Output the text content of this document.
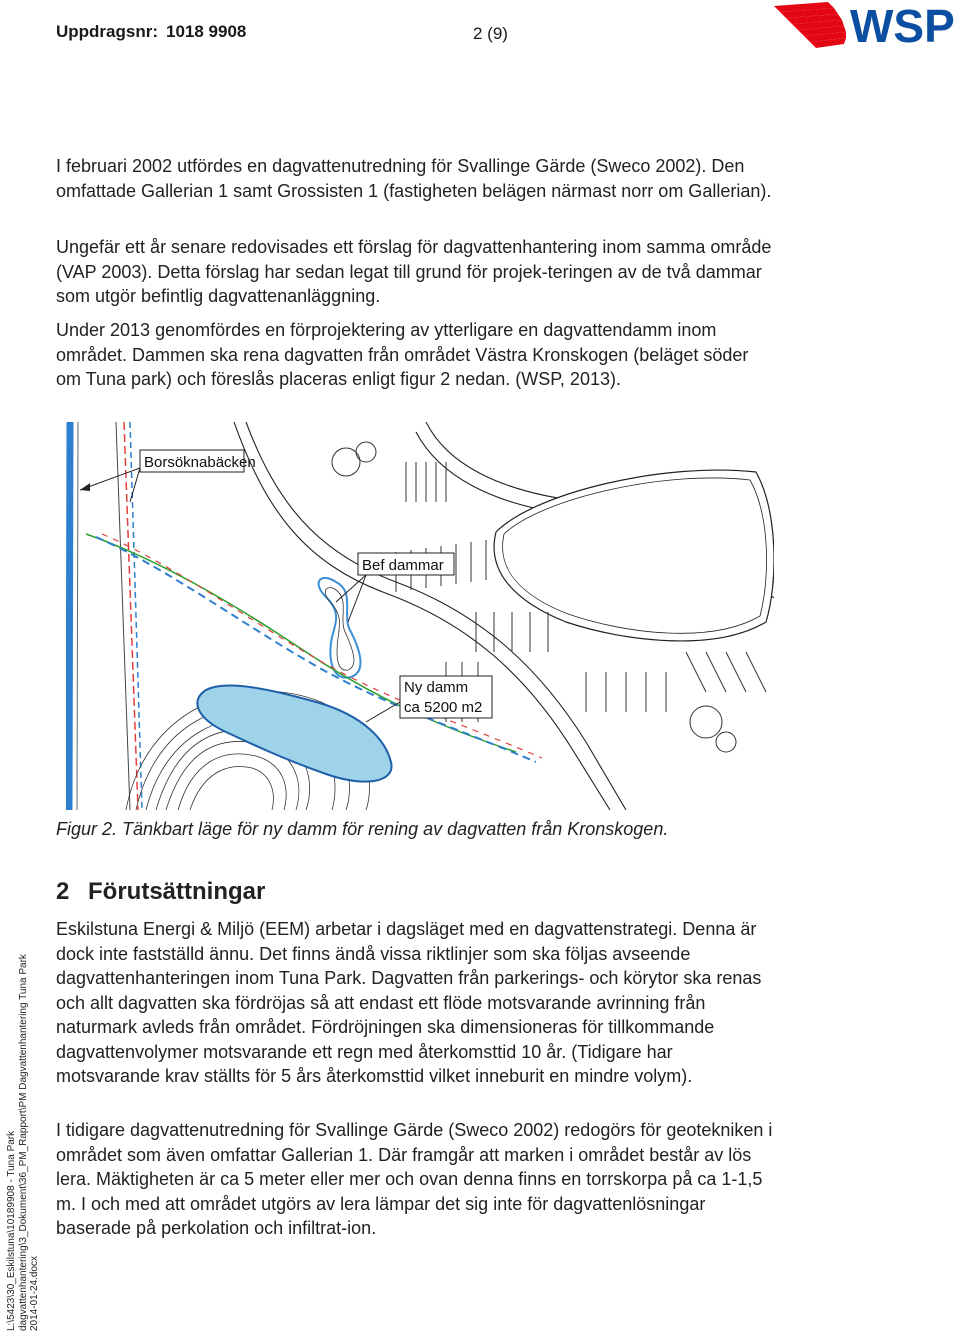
Uppdragsnr: 1018 9908	2 (9)	WSP

I februari 2002 utfördes en dagvattenutredning för Svallinge Gärde (Sweco 2002). Den omfattade Gallerian 1 samt Grossisten 1 (fastigheten belägen närmast norr om Gallerian).

Ungefär ett år senare redovisades ett förslag för dagvattenhantering inom samma område (VAP 2003). Detta förslag har sedan legat till grund för projek-teringen av de två dammar som utgör befintlig dagvattenanläggning.

Under 2013 genomfördes en förprojektering av ytterligare en dagvattendamm inom området. Dammen ska rena dagvatten från området Västra Kronskogen (beläget söder om Tuna park) och föreslås placeras enligt figur 2 nedan. (WSP, 2013).

Borsöknabäcken
Bef dammar
Ny damm
ca 5200 m2
Figur 2. Tänkbart läge för ny damm för rening av dagvatten från Kronskogen.
2 Förutsättningar

Eskilstuna Energi & Miljö (EEM) arbetar i dagsläget med en dagvattenstrategi. Denna är dock inte fastställd ännu. Det finns ändå vissa riktlinjer som ska följas avseende dagvattenhanteringen inom Tuna Park. Dagvatten från parkerings- och körytor ska renas och allt dagvatten ska fördröjas så att endast ett flöde motsvarande avrinning från naturmark avleds från området. Fördröjningen ska dimensioneras för tillkommande dagvattenvolymer motsvarande ett regn med återkomsttid 10 år. (Tidigare har motsvarande krav ställts för 5 års återkomsttid vilket inneburit en mindre volym).

I tidigare dagvattenutredning för Svallinge Gärde (Sweco 2002) redogörs för geotekniken i området som även omfattar Gallerian 1. Där framgår att marken i området består av lös lera. Mäktigheten är ca 5 meter eller mer och ovan denna finns en torrskorpa på ca 1-1,5 m. I och med att området utgörs av lera lämpar det sig inte för dagvattenlösningar baserade på perkolation och infiltrat-ion.

L:\5423\30_Eskilstuna\10189908 - Tuna Park dagvattenhantering\3_Dokument\36_PM_Rapport\PM Dagvattenhantering Tuna Park 2014-01-24.docx
